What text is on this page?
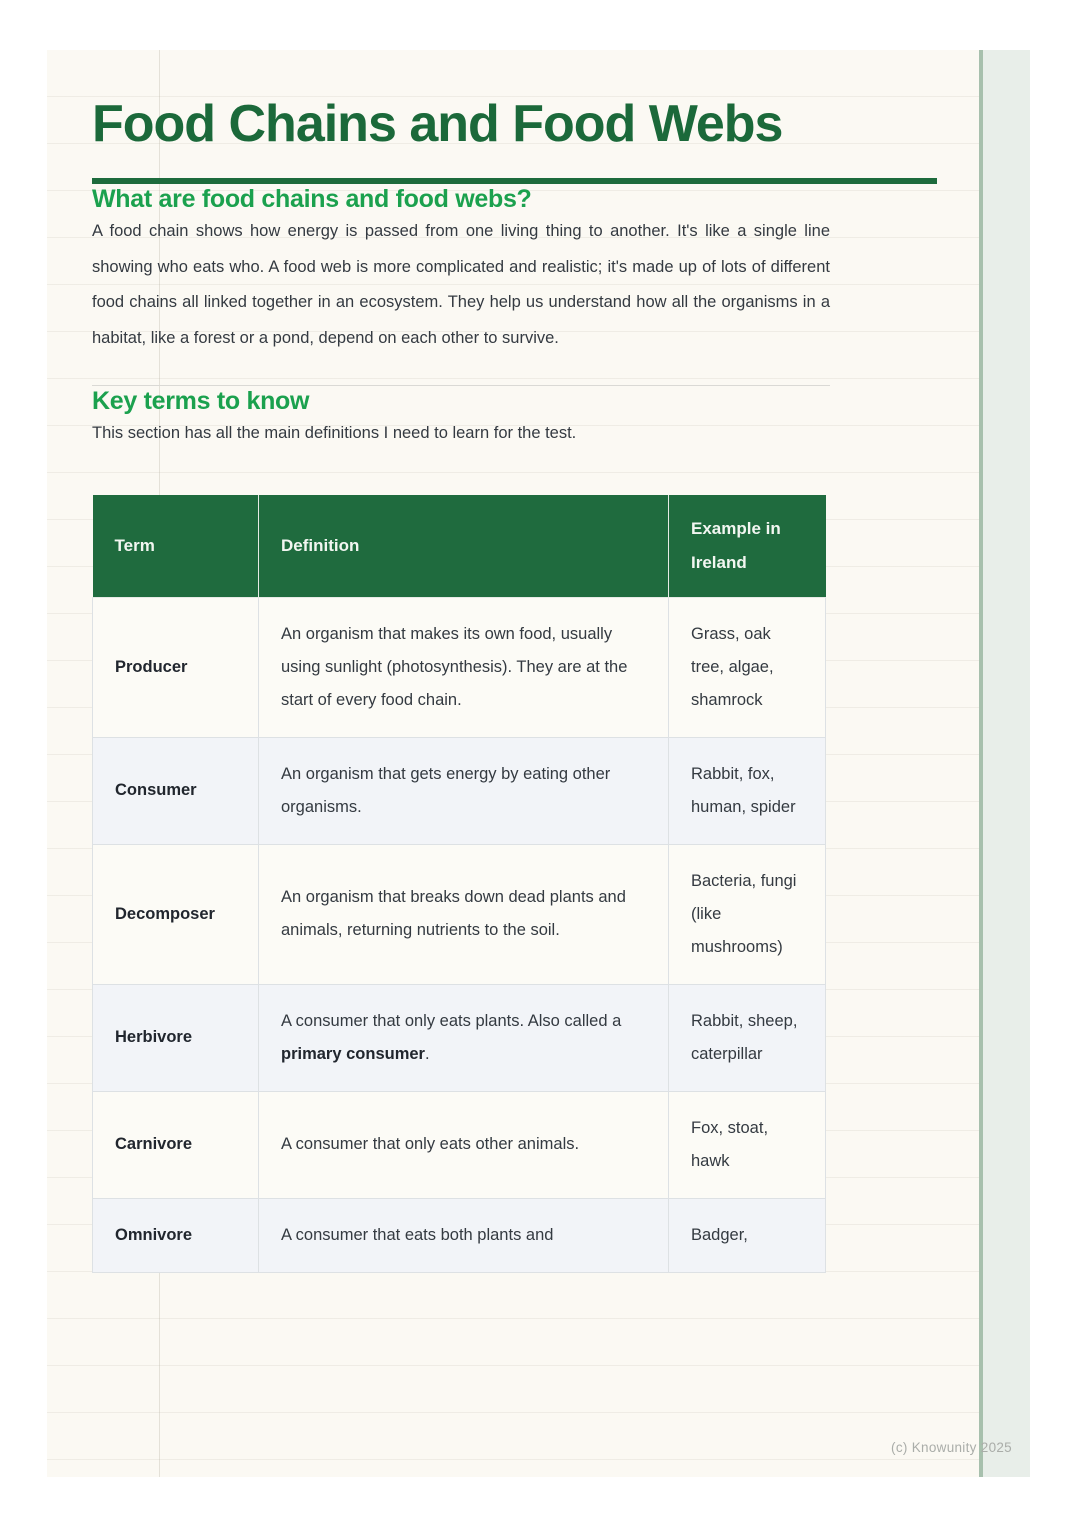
Food Chains and Food Webs
What are food chains and food webs?

A food chain shows how energy is passed from one living thing to another. It's like a single line showing who eats who. A food web is more complicated and realistic; it's made up of lots of different food chains all linked together in an ecosystem. They help us understand how all the organisms in a habitat, like a forest or a pond, depend on each other to survive.

Key terms to know

This section has all the main definitions I need to learn for the test.

Term	Definition	Example in Ireland
Producer	An organism that makes its own food, usually using sunlight (photosynthesis). They are at the start of every food chain.	Grass, oak tree, algae, shamrock
Consumer	An organism that gets energy by eating other organisms.	Rabbit, fox, human, spider
Decomposer	An organism that breaks down dead plants and animals, returning nutrients to the soil.	Bacteria, fungi (like mushrooms)
Herbivore	A consumer that only eats plants. Also called a primary consumer.	Rabbit, sheep, caterpillar
Carnivore	A consumer that only eats other animals.	Fox, stoat, hawk
Omnivore	A consumer that eats both plants and	Badger,
(c) Knowunity 2025
